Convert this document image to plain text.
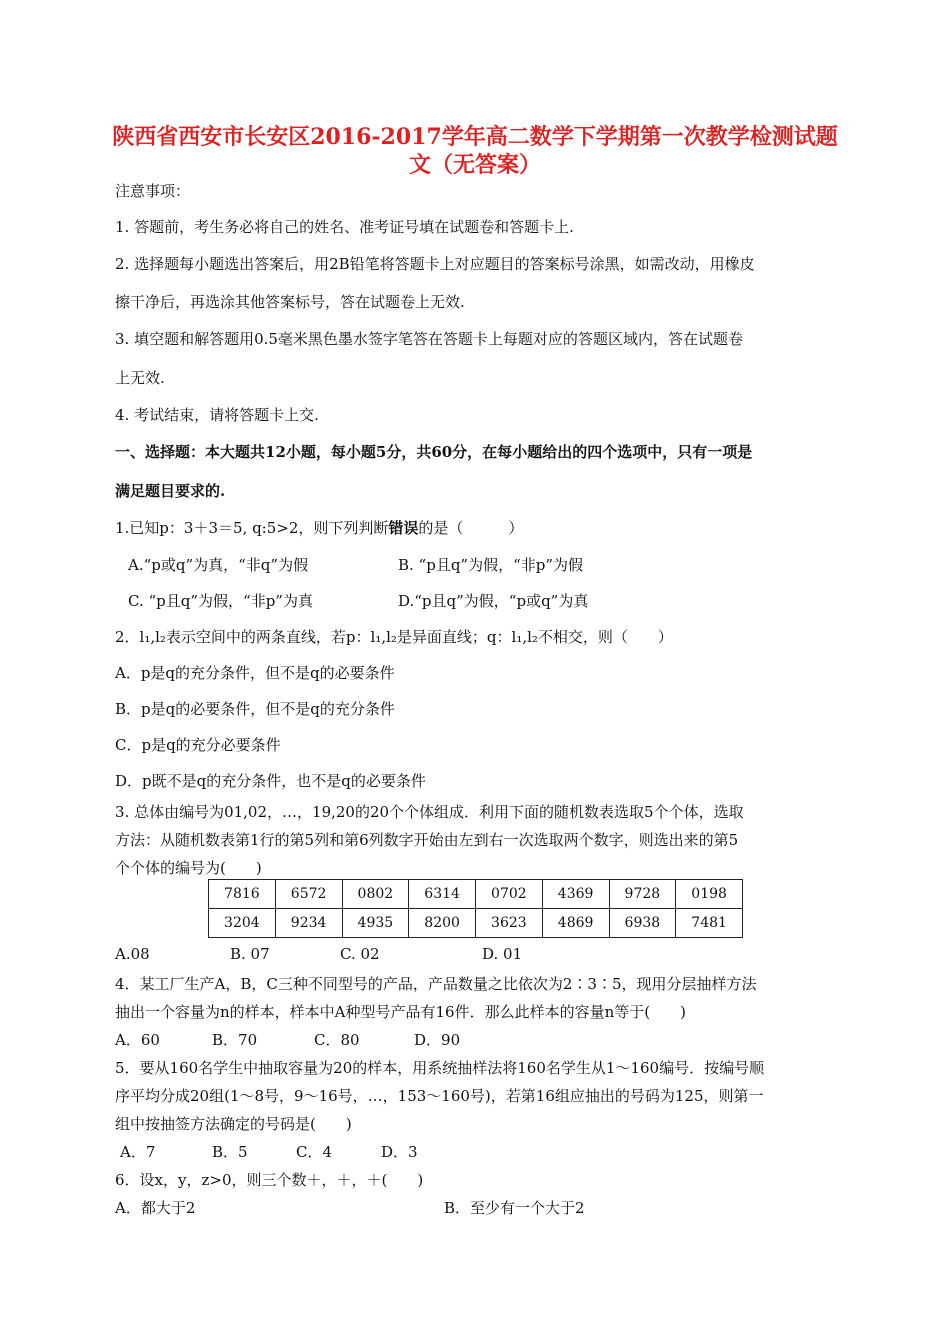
陕西省西安市长安区2016-2017学年高二数学下学期第一次教学检测试题
文（无答案）
注意事项：
1. 答题前，考生务必将自己的姓名、准考证号填在试题卷和答题卡上.
2. 选择题每小题选出答案后，用2B铅笔将答题卡上对应题目的答案标号涂黑，如需改动，用橡皮
擦干净后，再选涂其他答案标号，答在试题卷上无效.
3. 填空题和解答题用0.5毫米黑色墨水签字笔答在答题卡上每题对应的答题区域内，答在试题卷
上无效.
4. 考试结束，请将答题卡上交.
一、选择题：本大题共12小题，每小题5分，共60分，在每小题给出的四个选项中，只有一项是
满足题目要求的.
1.已知p：3＋3＝5, q:5>2，则下列判断错误的是（　　　）
A.“p或q”为真，“非q”为假	B. “p且q”为假，“非p”为假
C. “p且q”为假，“非p”为真	D.“p且q”为假，“p或q”为真
2．l₁,l₂表示空间中的两条直线，若p：l₁,l₂是异面直线；q：l₁,l₂不相交，则（　　）
A．p是q的充分条件，但不是q的必要条件
B．p是q的必要条件，但不是q的充分条件
C．p是q的充分必要条件
D．p既不是q的充分条件，也不是q的必要条件
3. 总体由编号为01,02，…，19,20的20个个体组成．利用下面的随机数表选取5个个体，选取
方法：从随机数表第1行的第5列和第6列数字开始由左到右一次选取两个数字，则选出来的第5
个个体的编号为(　　)
7816	6572	0802	6314	0702	4369	9728	0198
3204	9234	4935	8200	3623	4869	6938	7481
A.08	B. 07	C. 02	D. 01
4．某工厂生产A，B，C三种不同型号的产品，产品数量之比依次为2∶3∶5，现用分层抽样方法
抽出一个容量为n的样本，样本中A种型号产品有16件．那么此样本的容量n等于(　　)
A．60	B．70	C．80	D．90
5．要从160名学生中抽取容量为20的样本，用系统抽样法将160名学生从1～160编号．按编号顺
序平均分成20组(1～8号，9～16号，…，153～160号)，若第16组应抽出的号码为125，则第一
组中按抽签方法确定的号码是(　　)
A．7	B．5	C．4	D．3
6．设x，y，z>0，则三个数＋，＋，＋(　　)
A．都大于2	B．至少有一个大于2
